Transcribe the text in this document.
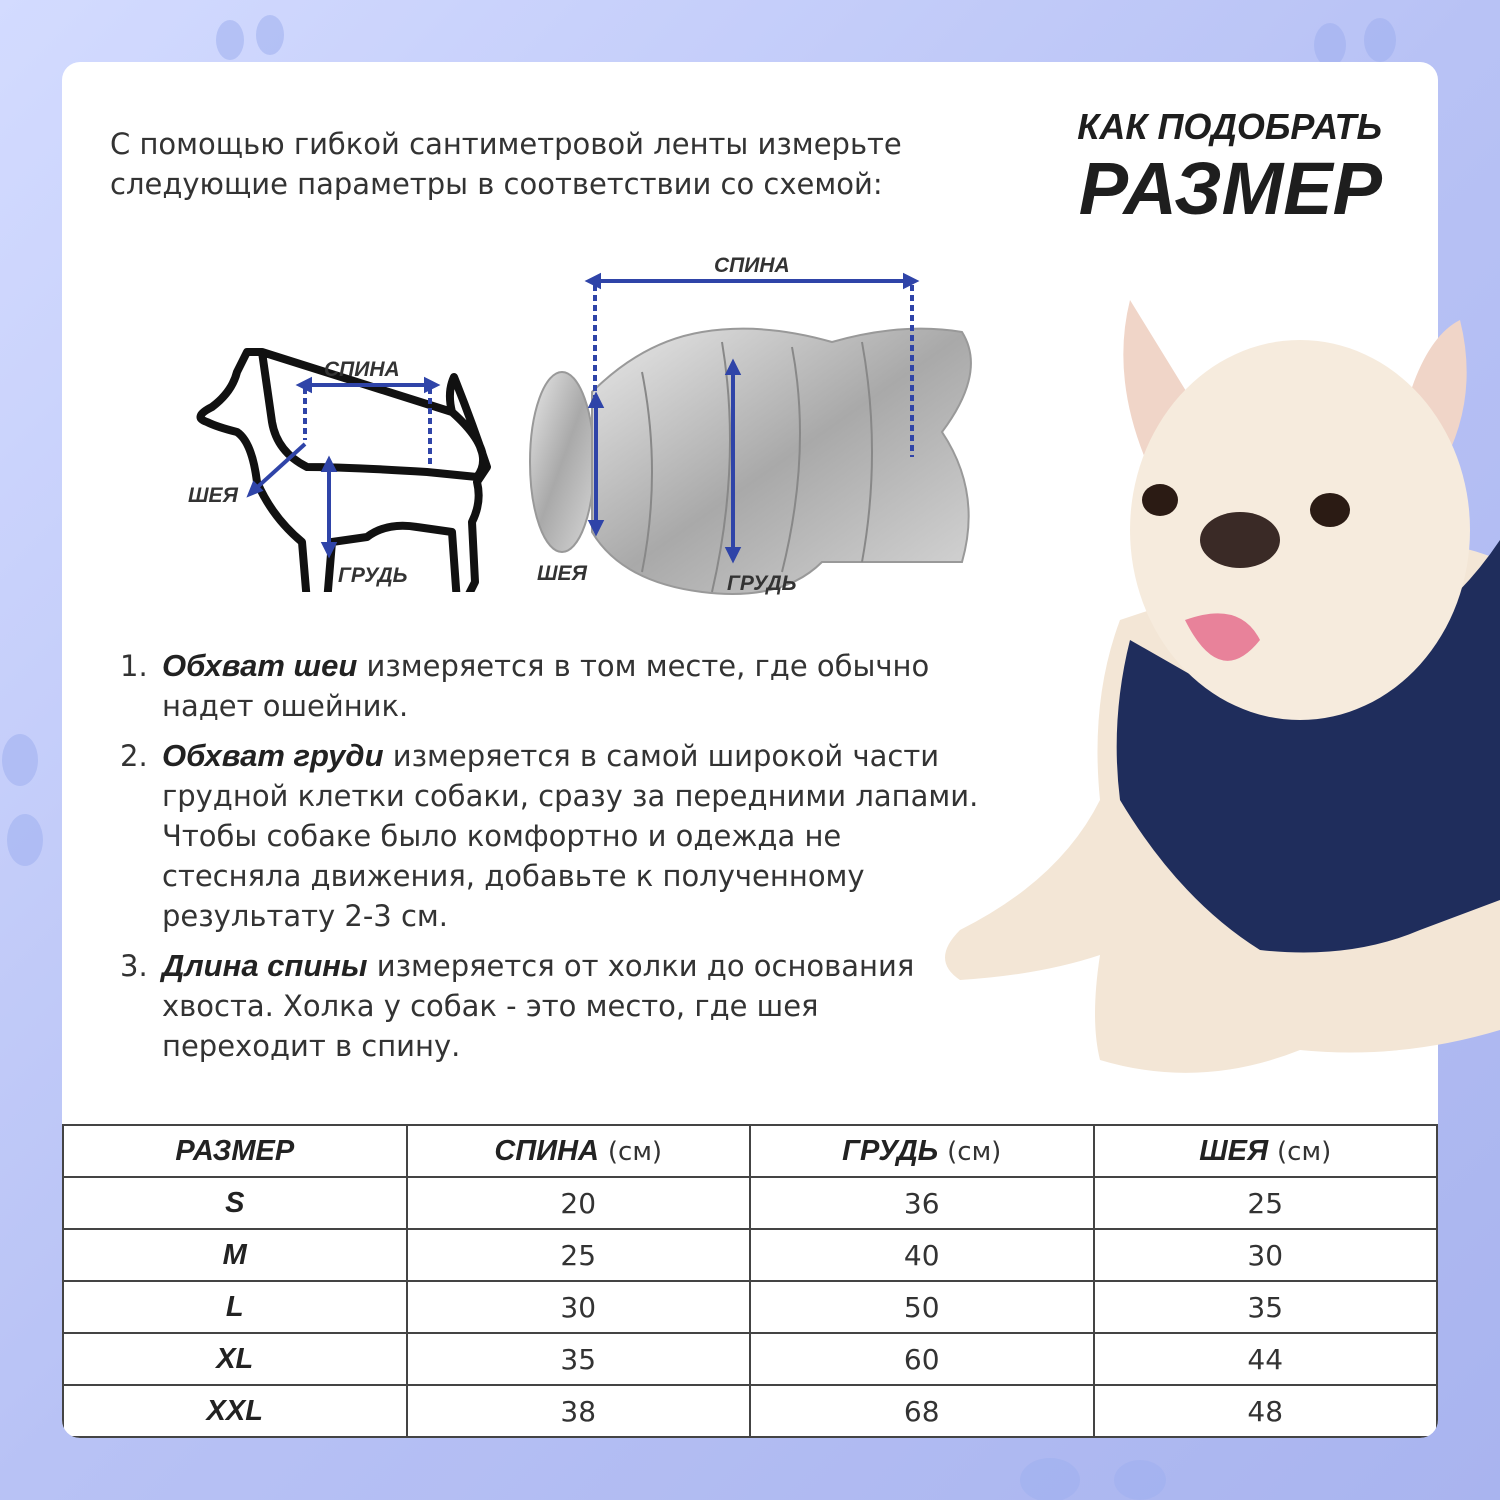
С помощью гибкой сантиметровой ленты измерьте следующие параметры в соответствии со схемой:

КАК ПОДОБРАТЬ
РАЗМЕР
СПИНА
ШЕЯ
ГРУДЬ
СПИНА
ШЕЯ	ГРУДЬ
1. Обхват шеи измеряется в том месте, где обычно надет ошейник.
2. Обхват груди измеряется в самой широкой части грудной клетки собаки, сразу за передними лапами. Чтобы собаке было комфортно и одежда не стесняла движения, добавьте к полученному результату 2-3 см.
3. Длина спины измеряется от холки до основания хвоста. Холка у собак - это место, где шея переходит в спину.
РАЗМЕР	СПИНА (см)	ГРУДЬ (см)	ШЕЯ (см)
S	20	36	25
M	25	40	30
L	30	50	35
XL	35	60	44
XXL	38	68	48
